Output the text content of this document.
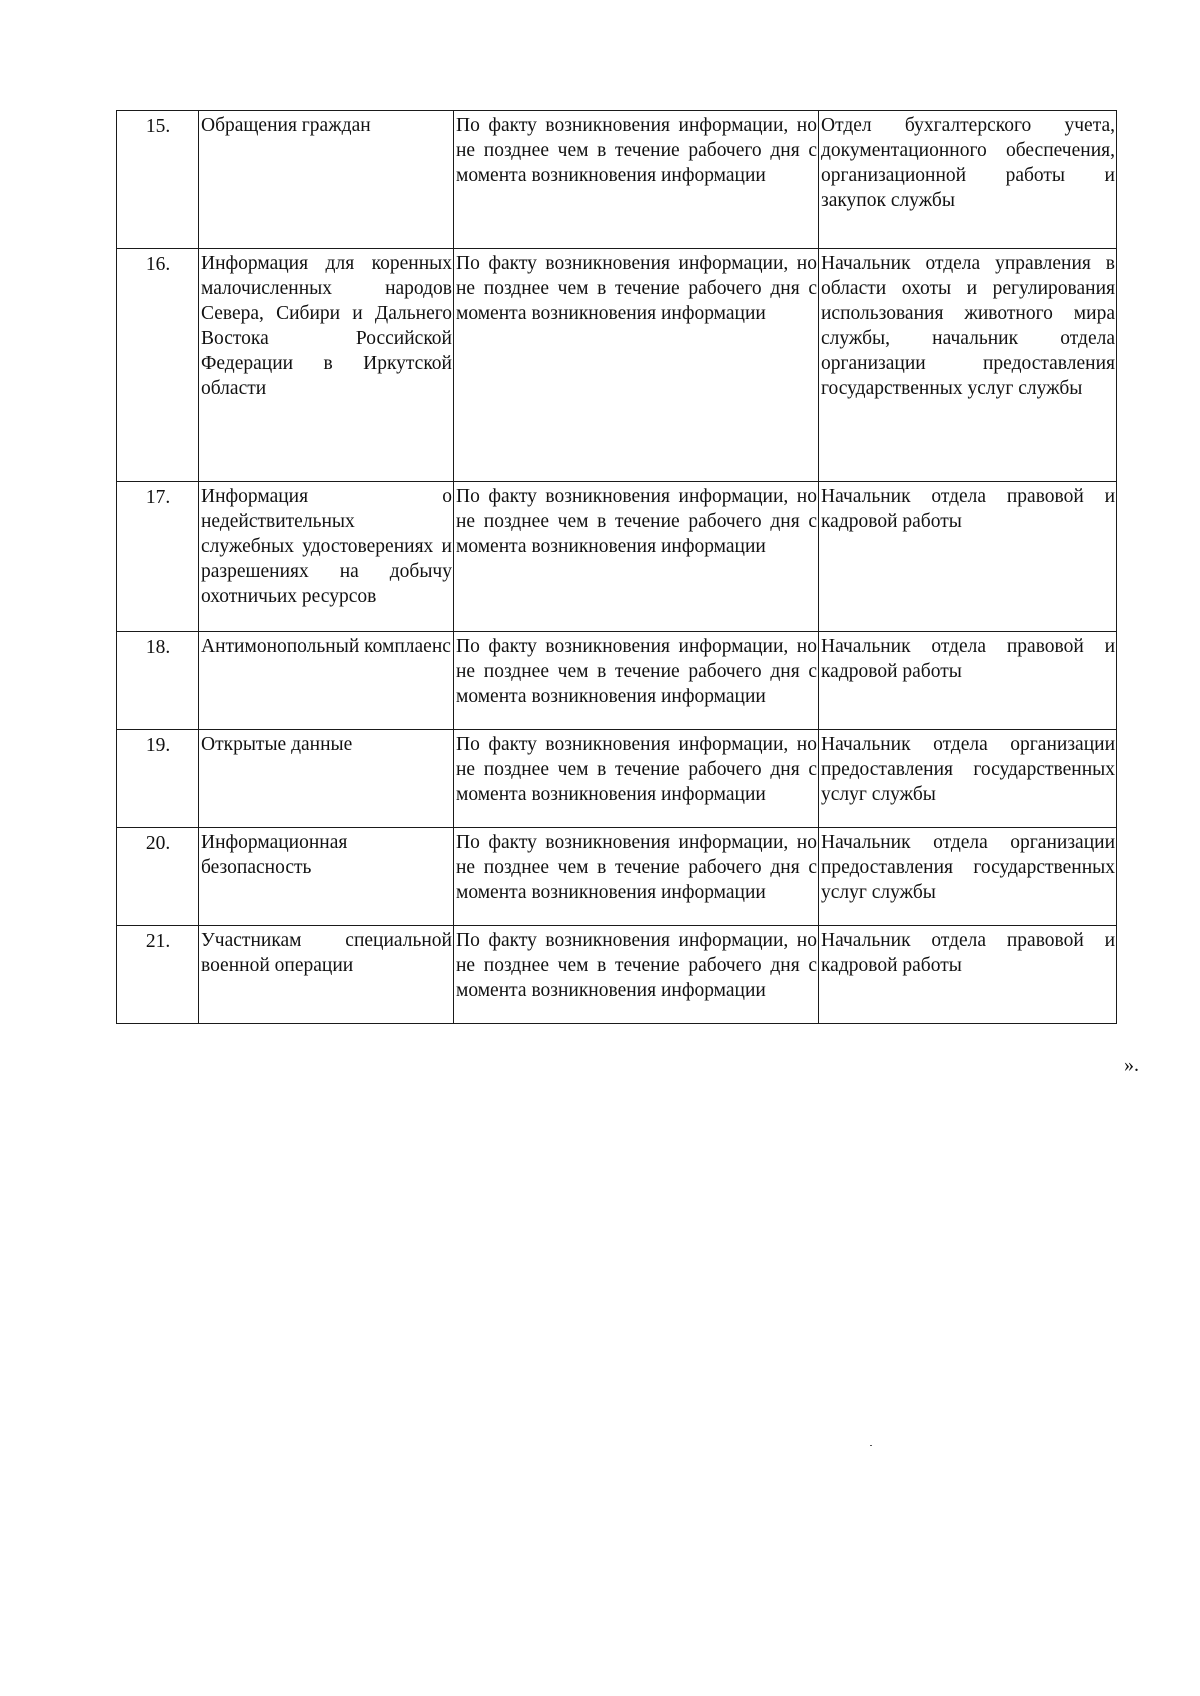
15.	Обращения граждан	По факту возникновения информации, но не позднее чем в течение рабочего дня с момента возникновения информации	Отдел бухгалтерского учета, документационного обеспечения, организационной работы и закупок службы
16.	Информация для коренных малочисленных народов Севера, Сибири и Дальнего Востока Российской Федерации в Иркутской области	По факту возникновения информации, но не позднее чем в течение рабочего дня с момента возникновения информации	Начальник отдела управления в области охоты и регулирования использования животного мира службы, начальник отдела организации предоставления государственных услуг службы
17.	Информация о недействительных служебных удостоверениях и разрешениях на добычу охотничьих ресурсов	По факту возникновения информации, но не позднее чем в течение рабочего дня с момента возникновения информации	Начальник отдела правовой и кадровой работы
18.	Антимонопольный комплаенс	По факту возникновения информации, но не позднее чем в течение рабочего дня с момента возникновения информации	Начальник отдела правовой и кадровой работы
19.	Открытые данные	По факту возникновения информации, но не позднее чем в течение рабочего дня с момента возникновения информации	Начальник отдела организации предоставления государственных услуг службы
20.	Информационная безопасность	По факту возникновения информации, но не позднее чем в течение рабочего дня с момента возникновения информации	Начальник отдела организации предоставления государственных услуг службы
21.	Участникам специальной военной операции	По факту возникновения информации, но не позднее чем в течение рабочего дня с момента возникновения информации	Начальник отдела правовой и кадровой работы
».
